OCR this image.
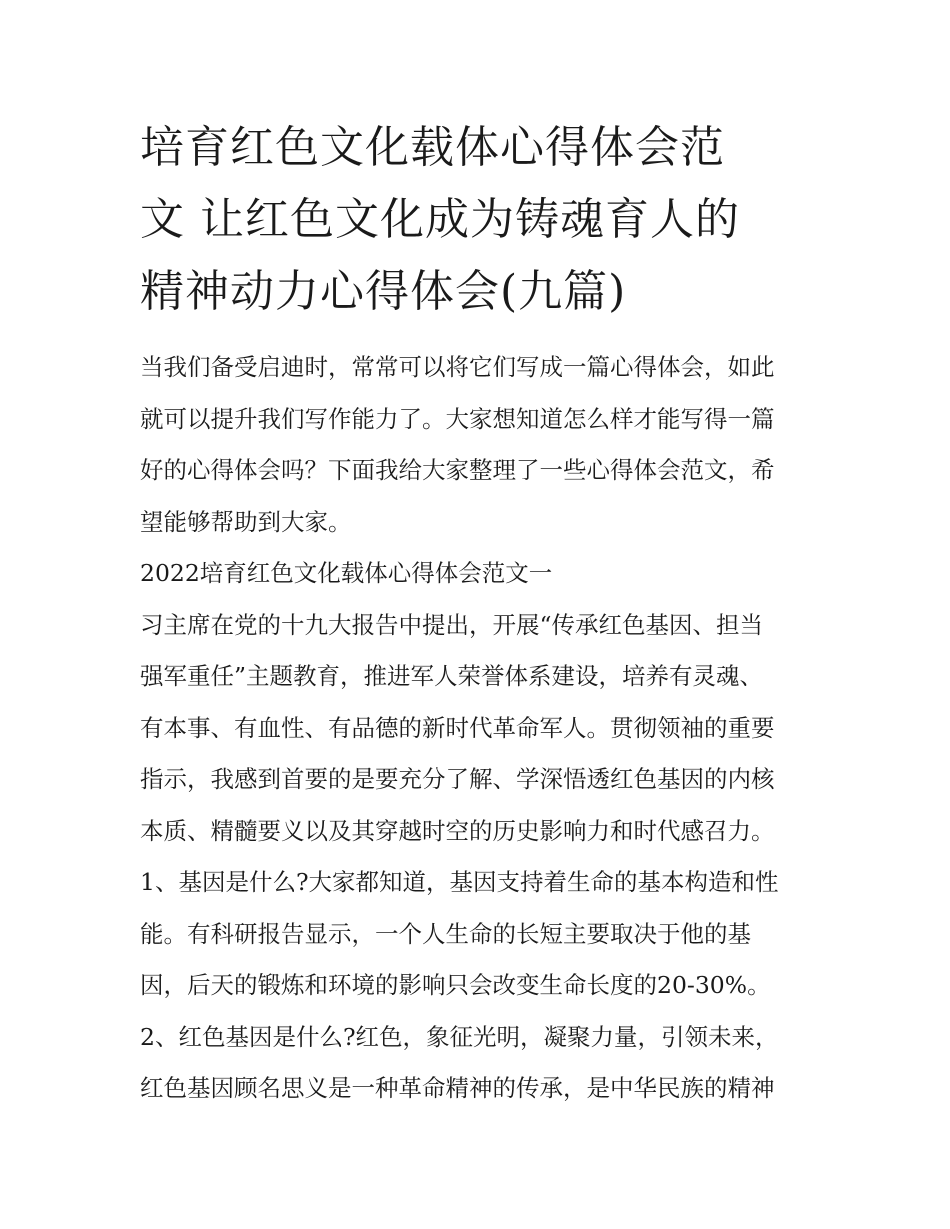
培育红色文化载体心得体会范
文 让红色文化成为铸魂育人的
精神动力心得体会(九篇)
当我们备受启迪时，常常可以将它们写成一篇心得体会，如此
就可以提升我们写作能力了。大家想知道怎么样才能写得一篇
好的心得体会吗？下面我给大家整理了一些心得体会范文，希
望能够帮助到大家。
2022培育红色文化载体心得体会范文一
习主席在党的十九大报告中提出，开展“传承红色基因、担当
强军重任”主题教育，推进军人荣誉体系建设，培养有灵魂、
有本事、有血性、有品德的新时代革命军人。贯彻领袖的重要
指示，我感到首要的是要充分了解、学深悟透红色基因的内核
本质、精髓要义以及其穿越时空的历史影响力和时代感召力。
1、基因是什么?大家都知道，基因支持着生命的基本构造和性
能。有科研报告显示，一个人生命的长短主要取决于他的基
因，后天的锻炼和环境的影响只会改变生命长度的20-30%。
2、红色基因是什么?红色，象征光明，凝聚力量，引领未来，
红色基因顾名思义是一种革命精神的传承，是中华民族的精神
